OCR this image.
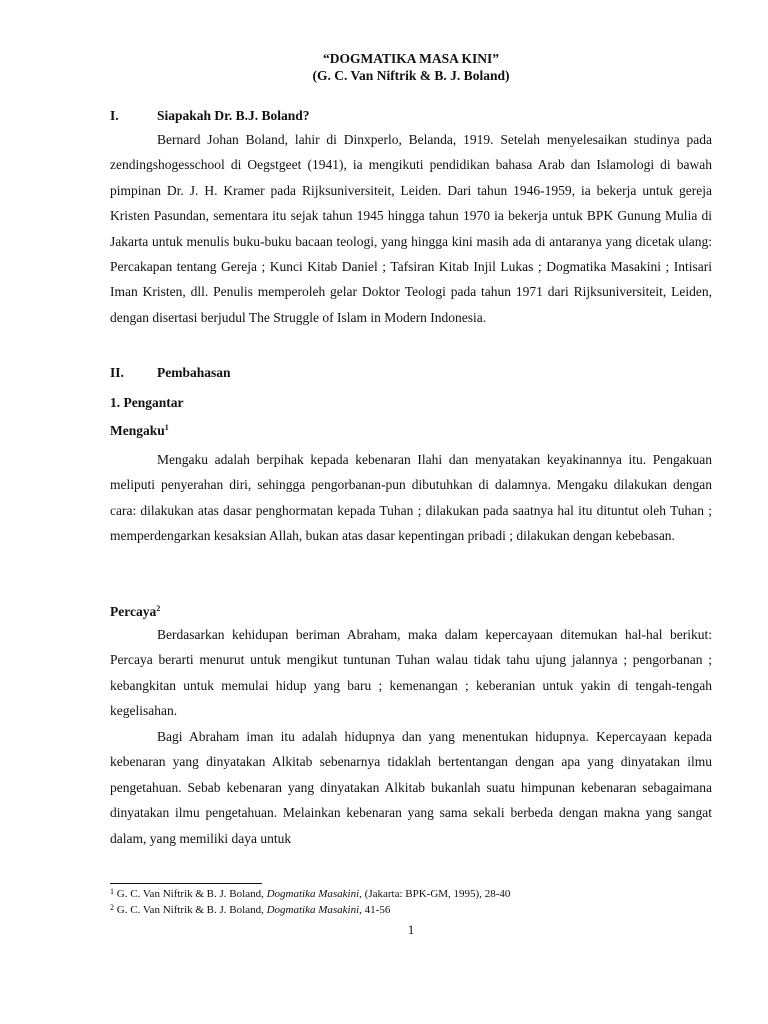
“DOGMATIKA MASA KINI”
(G. C. Van Niftrik & B. J. Boland)
I.	Siapakah Dr. B.J. Boland?

Bernard Johan Boland, lahir di Dinxperlo, Belanda, 1919. Setelah menyelesaikan studinya pada zendingshogesschool di Oegstgeet (1941), ia mengikuti pendidikan bahasa Arab dan Islamologi di bawah pimpinan Dr. J. H. Kramer pada Rijksuniversiteit, Leiden. Dari tahun 1946-1959, ia bekerja untuk gereja Kristen Pasundan, sementara itu sejak tahun 1945 hingga tahun 1970 ia bekerja untuk BPK Gunung Mulia di Jakarta untuk menulis buku-buku bacaan teologi, yang hingga kini masih ada di antaranya yang dicetak ulang: Percakapan tentang Gereja ; Kunci Kitab Daniel ; Tafsiran Kitab Injil Lukas ; Dogmatika Masakini ; Intisari Iman Kristen, dll. Penulis memperoleh gelar Doktor Teologi pada tahun 1971 dari Rijksuniversiteit, Leiden, dengan disertasi berjudul The Struggle of Islam in Modern Indonesia.

II. Pembahasan
1. Pengantar
Mengaku$^1$

Mengaku adalah berpihak kepada kebenaran Ilahi dan menyatakan keyakinannya itu. Pengakuan meliputi penyerahan diri, sehingga pengorbanan-pun dibutuhkan di dalamnya. Mengaku dilakukan dengan cara: dilakukan atas dasar penghormatan kepada Tuhan ; dilakukan pada saatnya hal itu dituntut oleh Tuhan ; memperdengarkan kesaksian Allah, bukan atas dasar kepentingan pribadi ; dilakukan dengan kebebasan.

Percaya$^2$

Berdasarkan kehidupan beriman Abraham, maka dalam kepercayaan ditemukan hal-hal berikut: Percaya berarti menurut untuk mengikut tuntunan Tuhan walau tidak tahu ujung jalannya ; pengorbanan ; kebangkitan untuk memulai hidup yang baru ; kemenangan ; keberanian untuk yakin di tengah-tengah kegelisahan.

Bagi Abraham iman itu adalah hidupnya dan yang menentukan hidupnya. Kepercayaan kepada kebenaran yang dinyatakan Alkitab sebenarnya tidaklah bertentangan dengan apa yang dinyatakan ilmu pengetahuan. Sebab kebenaran yang dinyatakan Alkitab bukanlah suatu himpunan kebenaran sebagaimana dinyatakan ilmu pengetahuan. Melainkan kebenaran yang sama sekali berbeda dengan makna yang sangat dalam, yang memiliki daya untuk

$^1$ G. C. Van Niftrik & B. J. Boland, Dogmatika Masakini, (Jakarta: BPK-GM, 1995), 28-40
$^2$ G. C. Van Niftrik & B. J. Boland, Dogmatika Masakini, 41-56
1
